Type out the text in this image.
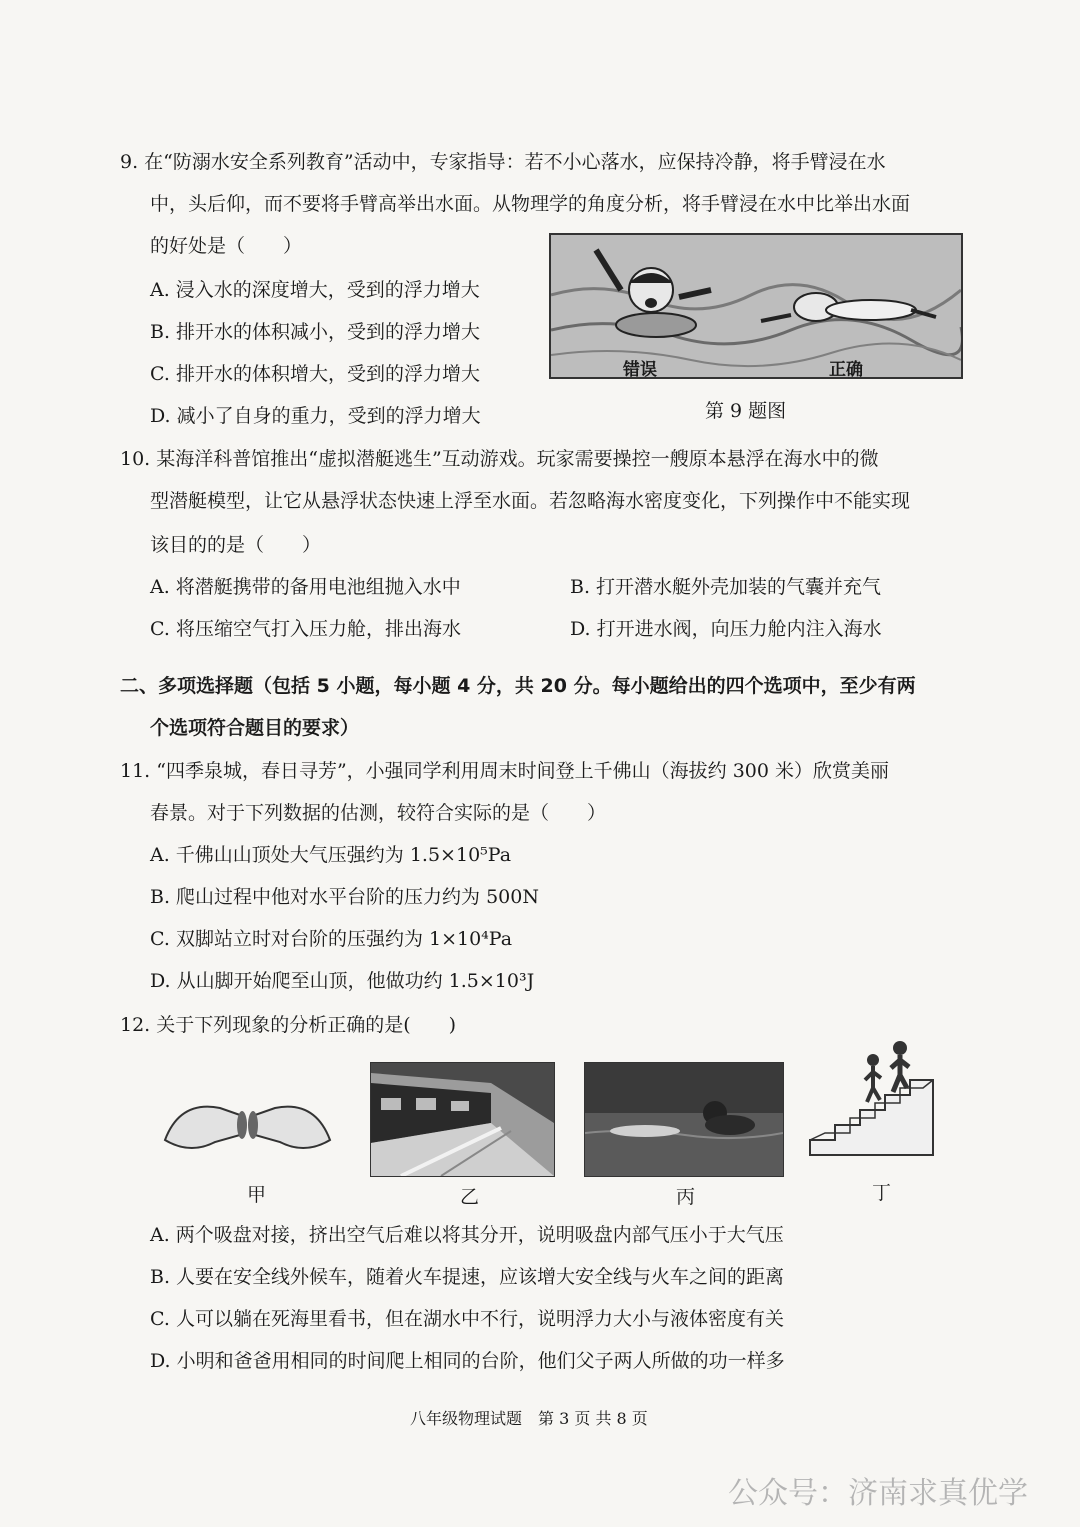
9. 在“防溺水安全系列教育”活动中，专家指导：若不小心落水，应保持冷静，将手臂浸在水
中，头后仰，而不要将手臂高举出水面。从物理学的角度分析，将手臂浸在水中比举出水面
的好处是（　　）
A. 浸入水的深度增大，受到的浮力增大
B. 排开水的体积减小，受到的浮力增大
C. 排开水的体积增大，受到的浮力增大
D. 减小了自身的重力，受到的浮力增大
错误	正确
第 9 题图
10. 某海洋科普馆推出“虚拟潜艇逃生”互动游戏。玩家需要操控一艘原本悬浮在海水中的微
型潜艇模型，让它从悬浮状态快速上浮至水面。若忽略海水密度变化，下列操作中不能实现
该目的的是（　　）
A. 将潜艇携带的备用电池组抛入水中	B. 打开潜水艇外壳加装的气囊并充气
C. 将压缩空气打入压力舱，排出海水	D. 打开进水阀，向压力舱内注入海水
二、多项选择题（包括 5 小题，每小题 4 分，共 20 分。每小题给出的四个选项中，至少有两
个选项符合题目的要求）
11. “四季泉城，春日寻芳”，小强同学利用周末时间登上千佛山（海拔约 300 米）欣赏美丽
春景。对于下列数据的估测，较符合实际的是（　　）
A. 千佛山山顶处大气压强约为 1.5×10⁵Pa
B. 爬山过程中他对水平台阶的压力约为 500N
C. 双脚站立时对台阶的压强约为 1×10⁴Pa
D. 从山脚开始爬至山顶，他做功约 1.5×10³J
12. 关于下列现象的分析正确的是(　　)
甲	乙	丙	丁
A. 两个吸盘对接，挤出空气后难以将其分开，说明吸盘内部气压小于大气压
B. 人要在安全线外候车，随着火车提速，应该增大安全线与火车之间的距离
C. 人可以躺在死海里看书，但在湖水中不行，说明浮力大小与液体密度有关
D. 小明和爸爸用相同的时间爬上相同的台阶，他们父子两人所做的功一样多
八年级物理试题　第 3 页 共 8 页
公众号：济南求真优学
